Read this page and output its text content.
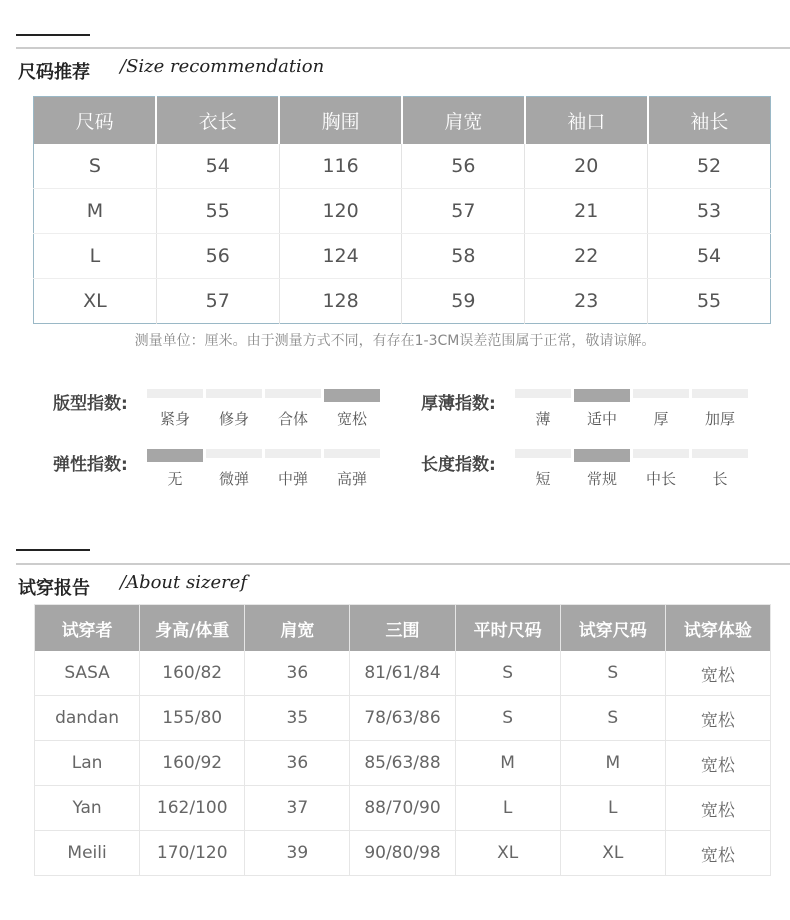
尺码推荐 /Size recommendation
尺码	衣长	胸围	肩宽	袖口	袖长
S	54	116	56	20	52
M	55	120	57	21	53
L	56	124	58	22	54
XL	57	128	59	23	55
测量单位：厘米。由于测量方式不同，有存在1-3CM误差范围属于正常，敬请谅解。
版型指数:
紧身 修身 合体 宽松
厚薄指数:
薄 适中 厚 加厚
弹性指数:
无 微弹 中弹 高弹
长度指数:
短 常规 中长 长
试穿报告 /About sizeref
试穿者	身高/体重	肩宽	三围	平时尺码	试穿尺码	试穿体验
SASA	160/82	36	81/61/84	S	S	宽松
dandan	155/80	35	78/63/86	S	S	宽松
Lan	160/92	36	85/63/88	M	M	宽松
Yan	162/100	37	88/70/90	L	L	宽松
Meili	170/120	39	90/80/98	XL	XL	宽松
